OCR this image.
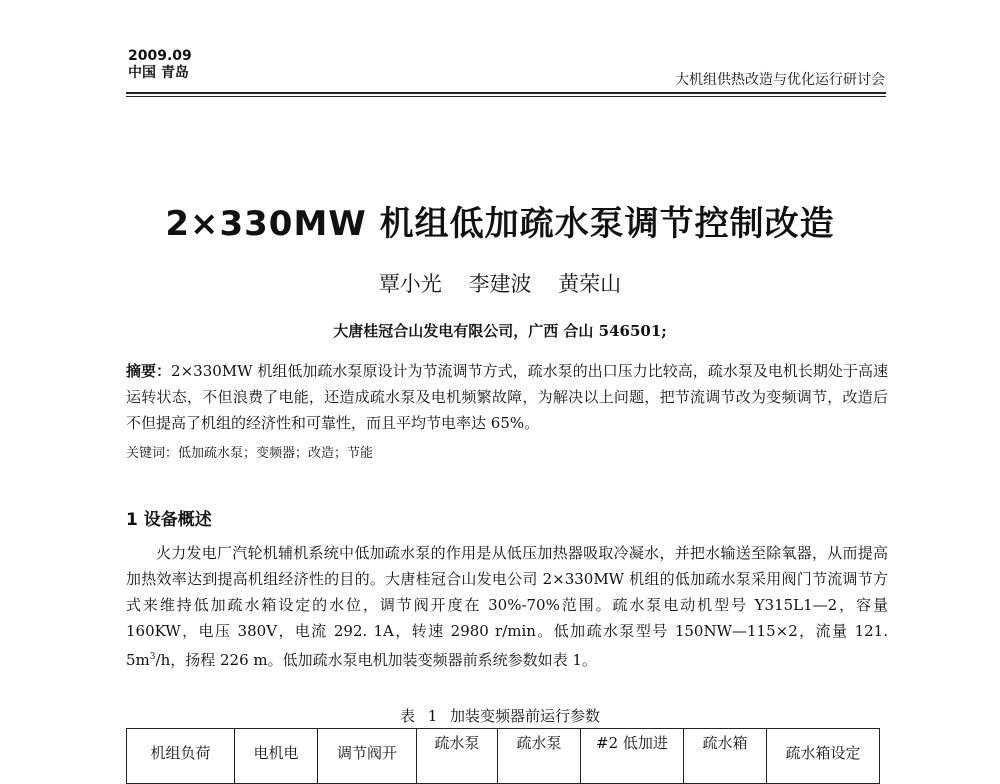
2009.09
中国 青岛	大机组供热改造与优化运行研讨会
2×330MW 机组低加疏水泵调节控制改造
覃小光 李建波 黄荣山
大唐桂冠合山发电有限公司，广西 合山 546501;
摘要：2×330MW 机组低加疏水泵原设计为节流调节方式，疏水泵的出口压力比较高，疏水泵及电机长期处于高速运转状态，不但浪费了电能，还造成疏水泵及电机频繁故障，为解决以上问题，把节流调节改为变频调节，改造后不但提高了机组的经济性和可靠性，而且平均节电率达 65%。
关键词：低加疏水泵；变频器；改造；节能
1 设备概述
火力发电厂汽轮机辅机系统中低加疏水泵的作用是从低压加热器吸取冷凝水，并把水输送至除氧器，从而提高加热效率达到提高机组经济性的目的。大唐桂冠合山发电公司 2×330MW 机组的低加疏水泵采用阀门节流调节方式来维持低加疏水箱设定的水位，调节阀开度在 30%-70%范围。疏水泵电动机型号 Y315L1—2，容量 160KW，电压 380V，电流 292. 1A，转速 2980 r/min。低加疏水泵型号 150NW—115×2，流量 121. $5m^3/h$，扬程 226 m。低加疏水泵电机加装变频器前系统参数如表 1。
表 1 加装变频器前运行参数
机组负荷	电机电	调节阀开	疏水泵	疏水泵	#2 低加进	疏水箱	疏水箱设定
